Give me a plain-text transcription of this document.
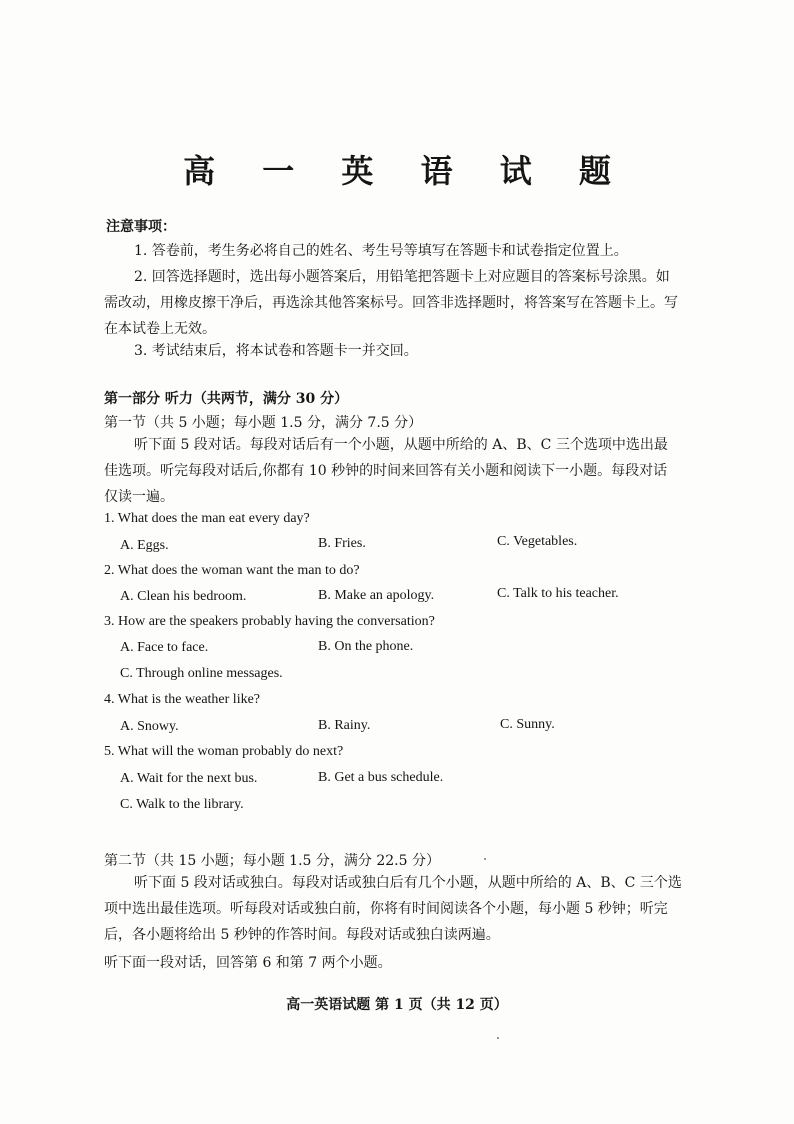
高 一 英 语 试 题
注意事项：
1. 答卷前，考生务必将自己的姓名、考生号等填写在答题卡和试卷指定位置上。
2. 回答选择题时，选出每小题答案后，用铅笔把答题卡上对应题目的答案标号涂黑。如需改动，用橡皮擦干净后，再选涂其他答案标号。回答非选择题时，将答案写在答题卡上。写在本试卷上无效。
3. 考试结束后，将本试卷和答题卡一并交回。
第一部分 听力（共两节，满分 30 分）
第一节（共 5 小题；每小题 1.5 分，满分 7.5 分）
听下面 5 段对话。每段对话后有一个小题，从题中所给的 A、B、C 三个选项中选出最佳选项。听完每段对话后,你都有 10 秒钟的时间来回答有关小题和阅读下一小题。每段对话仅读一遍。
1. What does the man eat every day?
A. Eggs.	B. Fries.	C. Vegetables.
2. What does the woman want the man to do?
A. Clean his bedroom.	B. Make an apology.	C. Talk to his teacher.
3. How are the speakers probably having the conversation?
A. Face to face.	B. On the phone.
C. Through online messages.
4. What is the weather like?
A. Snowy.	B. Rainy.	C. Sunny.
5. What will the woman probably do next?
A. Wait for the next bus.	B. Get a bus schedule.
C. Walk to the library.
第二节（共 15 小题；每小题 1.5 分，满分 22.5 分）
听下面 5 段对话或独白。每段对话或独白后有几个小题，从题中所给的 A、B、C 三个选项中选出最佳选项。听每段对话或独白前，你将有时间阅读各个小题，每小题 5 秒钟；听完后，各小题将给出 5 秒钟的作答时间。每段对话或独白读两遍。
听下面一段对话，回答第 6 和第 7 两个小题。
高一英语试题 第 1 页（共 12 页）
